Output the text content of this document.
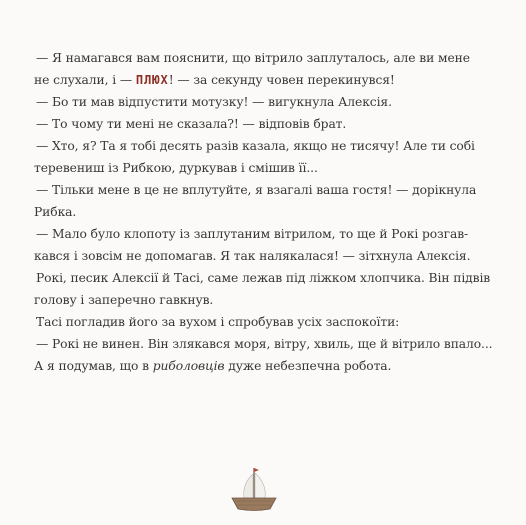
— Я намагався вам пояснити, що вітрило заплуталось, але ви мене
не слухали, і — ПЛЮХ! — за секунду човен перекинувся!
— Бо ти мав відпустити мотузку! — вигукнула Алексія.
— То чому ти мені не сказала?! — відповів брат.
— Хто, я? Та я тобі десять разів казала, якщо не тисячу! Але ти собі
теревениш із Рибкою, дуркував і смішив її...
— Тільки мене в це не вплутуйте, я взагалі ваша гостя! — дорікнула
Рибка.
— Мало було клопоту із заплутаним вітрилом, то ще й Рокі розгав-
кався і зовсім не допомагав. Я так налякалася! — зітхнула Алексія.
Рокі, песик Алексії й Тасі, саме лежав під ліжком хлопчика. Він підвів
голову і заперечно гавкнув.
Тасі погладив його за вухом і спробував усіх заспокоїти:
— Рокі не винен. Він злякався моря, вітру, хвиль, ще й вітрило впало...
А я подумав, що в риболовців дуже небезпечна робота.
